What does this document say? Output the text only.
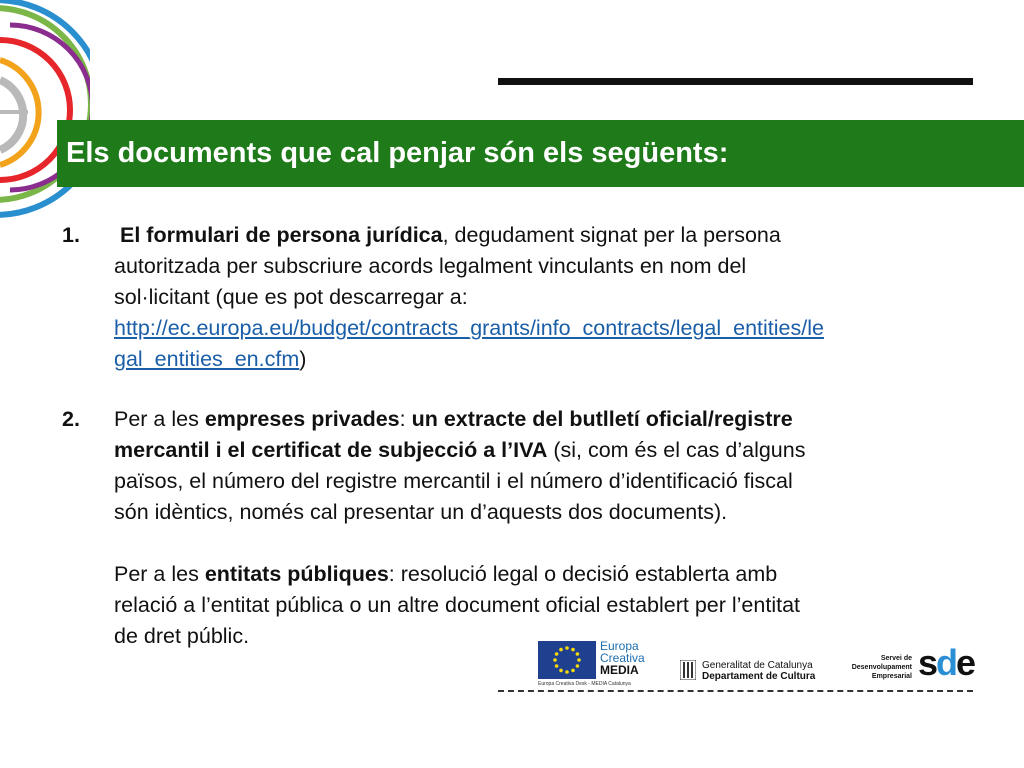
Els documents que cal penjar són els següents:
1.	El formulari de persona jurídica, degudament signat per la persona
autoritzada per subscriure acords legalment vinculants en nom del
sol·licitant (que es pot descarregar a:
http://ec.europa.eu/budget/contracts_grants/info_contracts/legal_entities/le
gal_entities_en.cfm)
2.	Per a les empreses privades: un extracte del butlletí oficial/registre
mercantil i el certificat de subjecció a l’IVA (si, com és el cas d’alguns
països, el número del registre mercantil i el número d’identificació fiscal
són idèntics, només cal presentar un d’aquests dos documents).
Per a les entitats públiques: resolució legal o decisió establerta amb
relació a l’entitat pública o un altre document oficial establert per l’entitat
de dret públic.	Europa
Creativa
MEDIA
Europa Creativa Desk - MEDIA Catalunya
Generalitat de Catalunya
Departament de Cultura
Servei de
Desenvolupament
Empresarial sde
